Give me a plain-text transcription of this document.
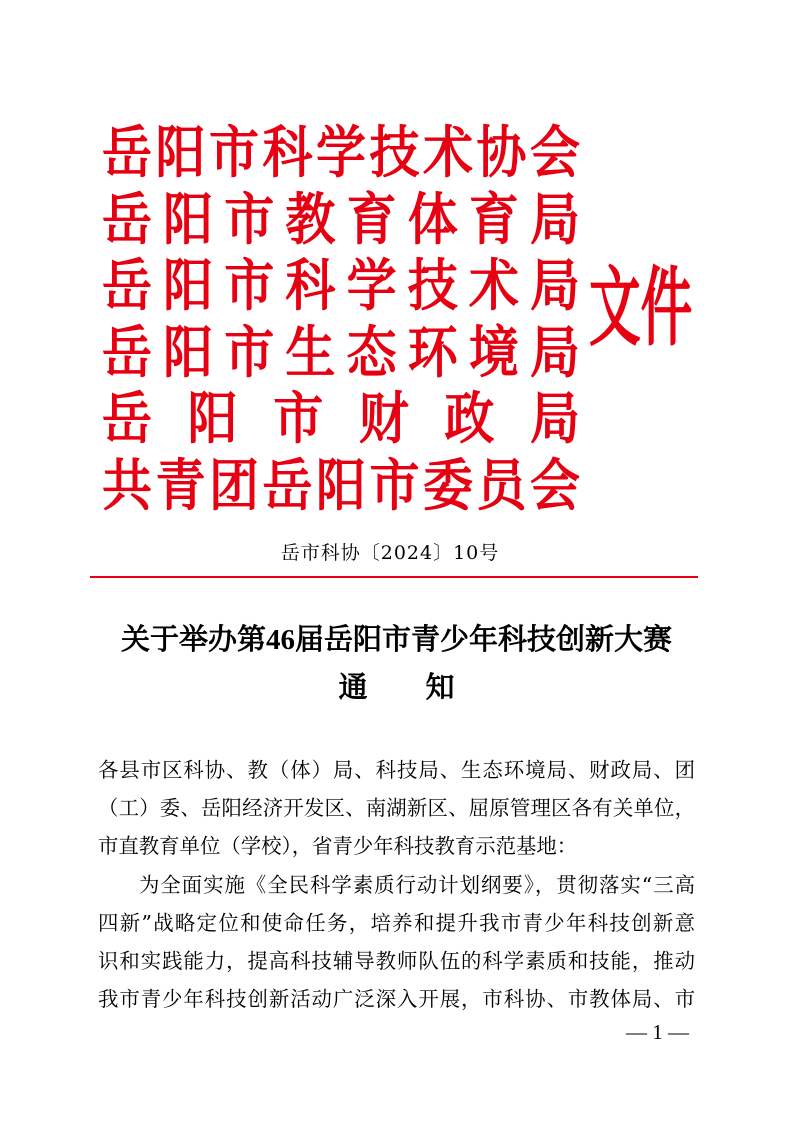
岳 阳 市 科 学 技 术 协 会
岳 阳 市 教 育 体 育 局
岳 阳 市 科 学 技 术 局
岳 阳 市 生 态 环 境 局
岳 阳 市 财 政 局
共 青 团 岳 阳 市 委 员 会
文件
岳市科协〔2024〕10号
关于举办第46届岳阳市青少年科技创新大赛
通　　知
各县市区科协、教（体）局、科技局、生态环境局、财政局、团
（工）委、岳阳经济开发区、南湖新区、屈原管理区各有关单位，
市直教育单位（学校），省青少年科技教育示范基地：
为全面实施《全民科学素质行动计划纲要》，贯彻落实“三高
四新”战略定位和使命任务，培养和提升我市青少年科技创新意
识和实践能力，提高科技辅导教师队伍的科学素质和技能，推动
我市青少年科技创新活动广泛深入开展，市科协、市教体局、市
— 1 —
